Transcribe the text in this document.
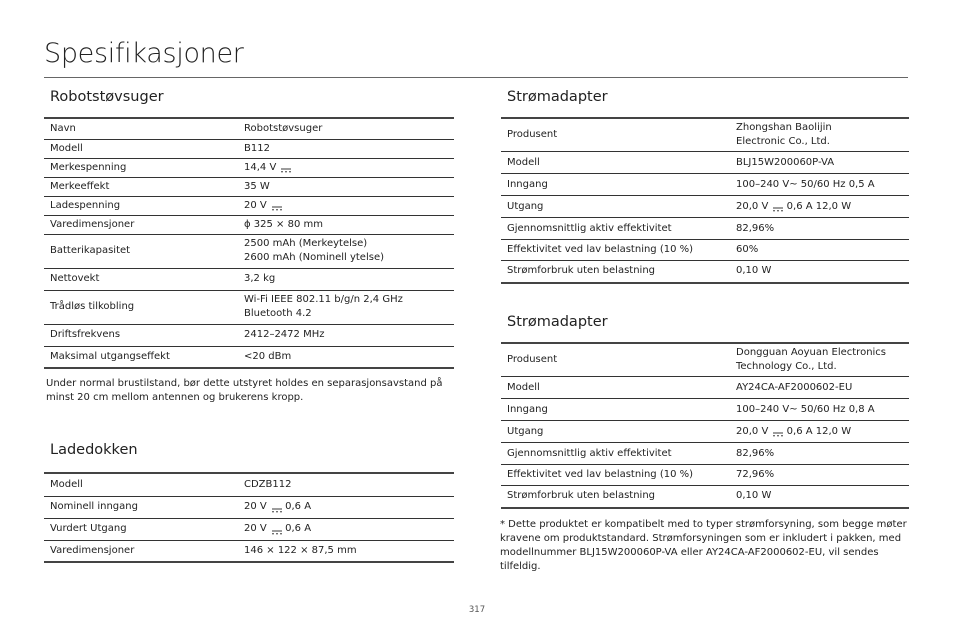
Spesifikasjoner
Robotstøvsuger
Navn	Robotstøvsuger
Modell	B112
Merkespenning	14,4 V
Merkeeffekt	35 W
Ladespenning	20 V
Varedimensjoner	ϕ 325 × 80 mm
Batterikapasitet	2500 mAh (Merkeytelse)
2600 mAh (Nominell ytelse)
Nettovekt	3,2 kg
Trådløs tilkobling	Wi-Fi IEEE 802.11 b/g/n 2,4 GHz
Bluetooth 4.2
Driftsfrekvens	2412–2472 MHz
Maksimal utgangseffekt	<20 dBm

Under normal brustilstand, bør dette utstyret holdes en separasjonsavstand på minst 20 cm mellom antennen og brukerens kropp.

Ladedokken
Modell	CDZB112
Nominell inngang	20 V  0,6 A
Vurdert Utgang	20 V  0,6 A
Varedimensjoner	146 × 122 × 87,5 mm
Strømadapter
Produsent	Zhongshan Baolijin
Electronic Co., Ltd.
Modell	BLJ15W200060P-VA
Inngang	100–240 V~ 50/60 Hz 0,5 A
Utgang	20,0 V  0,6 A 12,0 W
Gjennomsnittlig aktiv effektivitet	82,96%
Effektivitet ved lav belastning (10 %)	60%
Strømforbruk uten belastning	0,10 W
Strømadapter
Produsent	Dongguan Aoyuan Electronics
Technology Co., Ltd.
Modell	AY24CA-AF2000602-EU
Inngang	100–240 V~ 50/60 Hz 0,8 A
Utgang	20,0 V  0,6 A 12,0 W
Gjennomsnittlig aktiv effektivitet	82,96%
Effektivitet ved lav belastning (10 %)	72,96%
Strømforbruk uten belastning	0,10 W

* Dette produktet er kompatibelt med to typer strømforsyning, som begge møter kravene om produktstandard. Strømforsyningen som er inkludert i pakken, med modellnummer BLJ15W200060P-VA eller AY24CA-AF2000602-EU, vil sendes tilfeldig.

317
